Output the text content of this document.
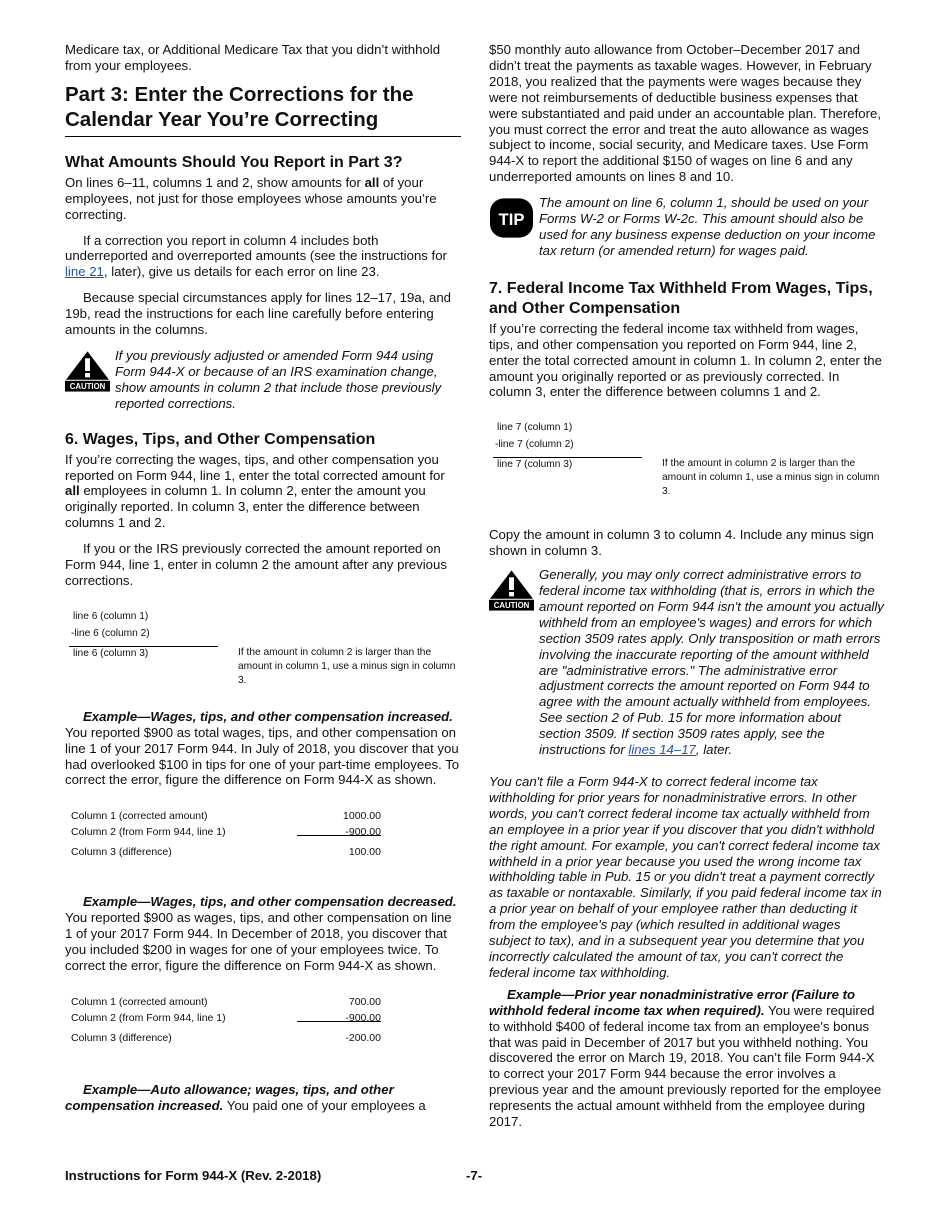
Medicare tax, or Additional Medicare Tax that you didn’t withhold from your employees.

Part 3: Enter the Corrections for the Calendar Year You’re Correcting
What Amounts Should You Report in Part 3?

On lines 6–11, columns 1 and 2, show amounts for all of your employees, not just for those employees whose amounts you’re correcting.

If a correction you report in column 4 includes both underreported and overreported amounts (see the instructions for line 21, later), give us details for each error on line 23.

Because special circumstances apply for lines 12–17, 19a, and 19b, read the instructions for each line carefully before entering amounts in the columns.

CAUTION

If you previously adjusted or amended Form 944 using Form 944-X or because of an IRS examination change, show amounts in column 2 that include those previously reported corrections.

6. Wages, Tips, and Other Compensation

If you’re correcting the wages, tips, and other compensation you reported on Form 944, line 1, enter the total corrected amount for all employees in column 1. In column 2, enter the amount you originally reported. In column 3, enter the difference between columns 1 and 2.

If you or the IRS previously corrected the amount reported on Form 944, line 1, enter in column 2 the amount after any previous corrections.

line 6 (column 1)
-line 6 (column 2)
line 6 (column 3)	If the amount in column 2 is larger than the amount in column 1, use a minus sign in column 3.

Example—Wages, tips, and other compensation increased. You reported $900 as total wages, tips, and other compensation on line 1 of your 2017 Form 944. In July of 2018, you discover that you had overlooked $100 in tips for one of your part-time employees. To correct the error, figure the difference on Form 944-X as shown.

Column 1 (corrected amount)	1000.00
Column 2 (from Form 944, line 1)	-900.00
Column 3 (difference)	100.00

Example—Wages, tips, and other compensation decreased. You reported $900 as wages, tips, and other compensation on line 1 of your 2017 Form 944. In December of 2018, you discover that you included $200 in wages for one of your employees twice. To correct the error, figure the difference on Form 944-X as shown.

Column 1 (corrected amount)	700.00
Column 2 (from Form 944, line 1)	-900.00
Column 3 (difference)	-200.00

Example—Auto allowance; wages, tips, and other compensation increased. You paid one of your employees a

$50 monthly auto allowance from October–December 2017 and didn’t treat the payments as taxable wages. However, in February 2018, you realized that the payments were wages because they were not reimbursements of deductible business expenses that were substantiated and paid under an accountable plan. Therefore, you must correct the error and treat the auto allowance as wages subject to income, social security, and Medicare taxes. Use Form 944-X to report the additional $150 of wages on line 6 and any underreported amounts on lines 8 and 10.

TIP

The amount on line 6, column 1, should be used on your Forms W-2 or Forms W-2c. This amount should also be used for any business expense deduction on your income tax return (or amended return) for wages paid.

7. Federal Income Tax Withheld From Wages, Tips, and Other Compensation

If you’re correcting the federal income tax withheld from wages, tips, and other compensation you reported on Form 944, line 2, enter the total corrected amount in column 1. In column 2, enter the amount you originally reported or as previously corrected. In column 3, enter the difference between columns 1 and 2.

line 7 (column 1)
-line 7 (column 2)
line 7 (column 3)	If the amount in column 2 is larger than the amount in column 1, use a minus sign in column 3.

Copy the amount in column 3 to column 4. Include any minus sign shown in column 3.

CAUTION

Generally, you may only correct administrative errors to federal income tax withholding (that is, errors in which the amount reported on Form 944 isn't the amount you actually withheld from an employee's wages) and errors for which section 3509 rates apply. Only transposition or math errors involving the inaccurate reporting of the amount withheld are "administrative errors." The administrative error adjustment corrects the amount reported on Form 944 to agree with the amount actually withheld from employees. See section 2 of Pub. 15 for more information about section 3509. If section 3509 rates apply, see the instructions for lines 14–17, later.

You can't file a Form 944-X to correct federal income tax withholding for prior years for nonadministrative errors. In other words, you can't correct federal income tax actually withheld from an employee in a prior year if you discover that you didn't withhold the right amount. For example, you can't correct federal income tax withheld in a prior year because you used the wrong income tax withholding table in Pub. 15 or you didn't treat a payment correctly as taxable or nontaxable. Similarly, if you paid federal income tax in a prior year on behalf of your employee rather than deducting it from the employee's pay (which resulted in additional wages subject to tax), and in a subsequent year you determine that you incorrectly calculated the amount of tax, you can't correct the federal income tax withholding.

Example—Prior year nonadministrative error (Failure to withhold federal income tax when required). You were required to withhold $400 of federal income tax from an employee's bonus that was paid in December of 2017 but you withheld nothing. You discovered the error on March 19, 2018. You can’t file Form 944-X to correct your 2017 Form 944 because the error involves a previous year and the amount previously reported for the employee represents the actual amount withheld from the employee during 2017.

Instructions for Form 944-X (Rev. 2-2018)	-7-
